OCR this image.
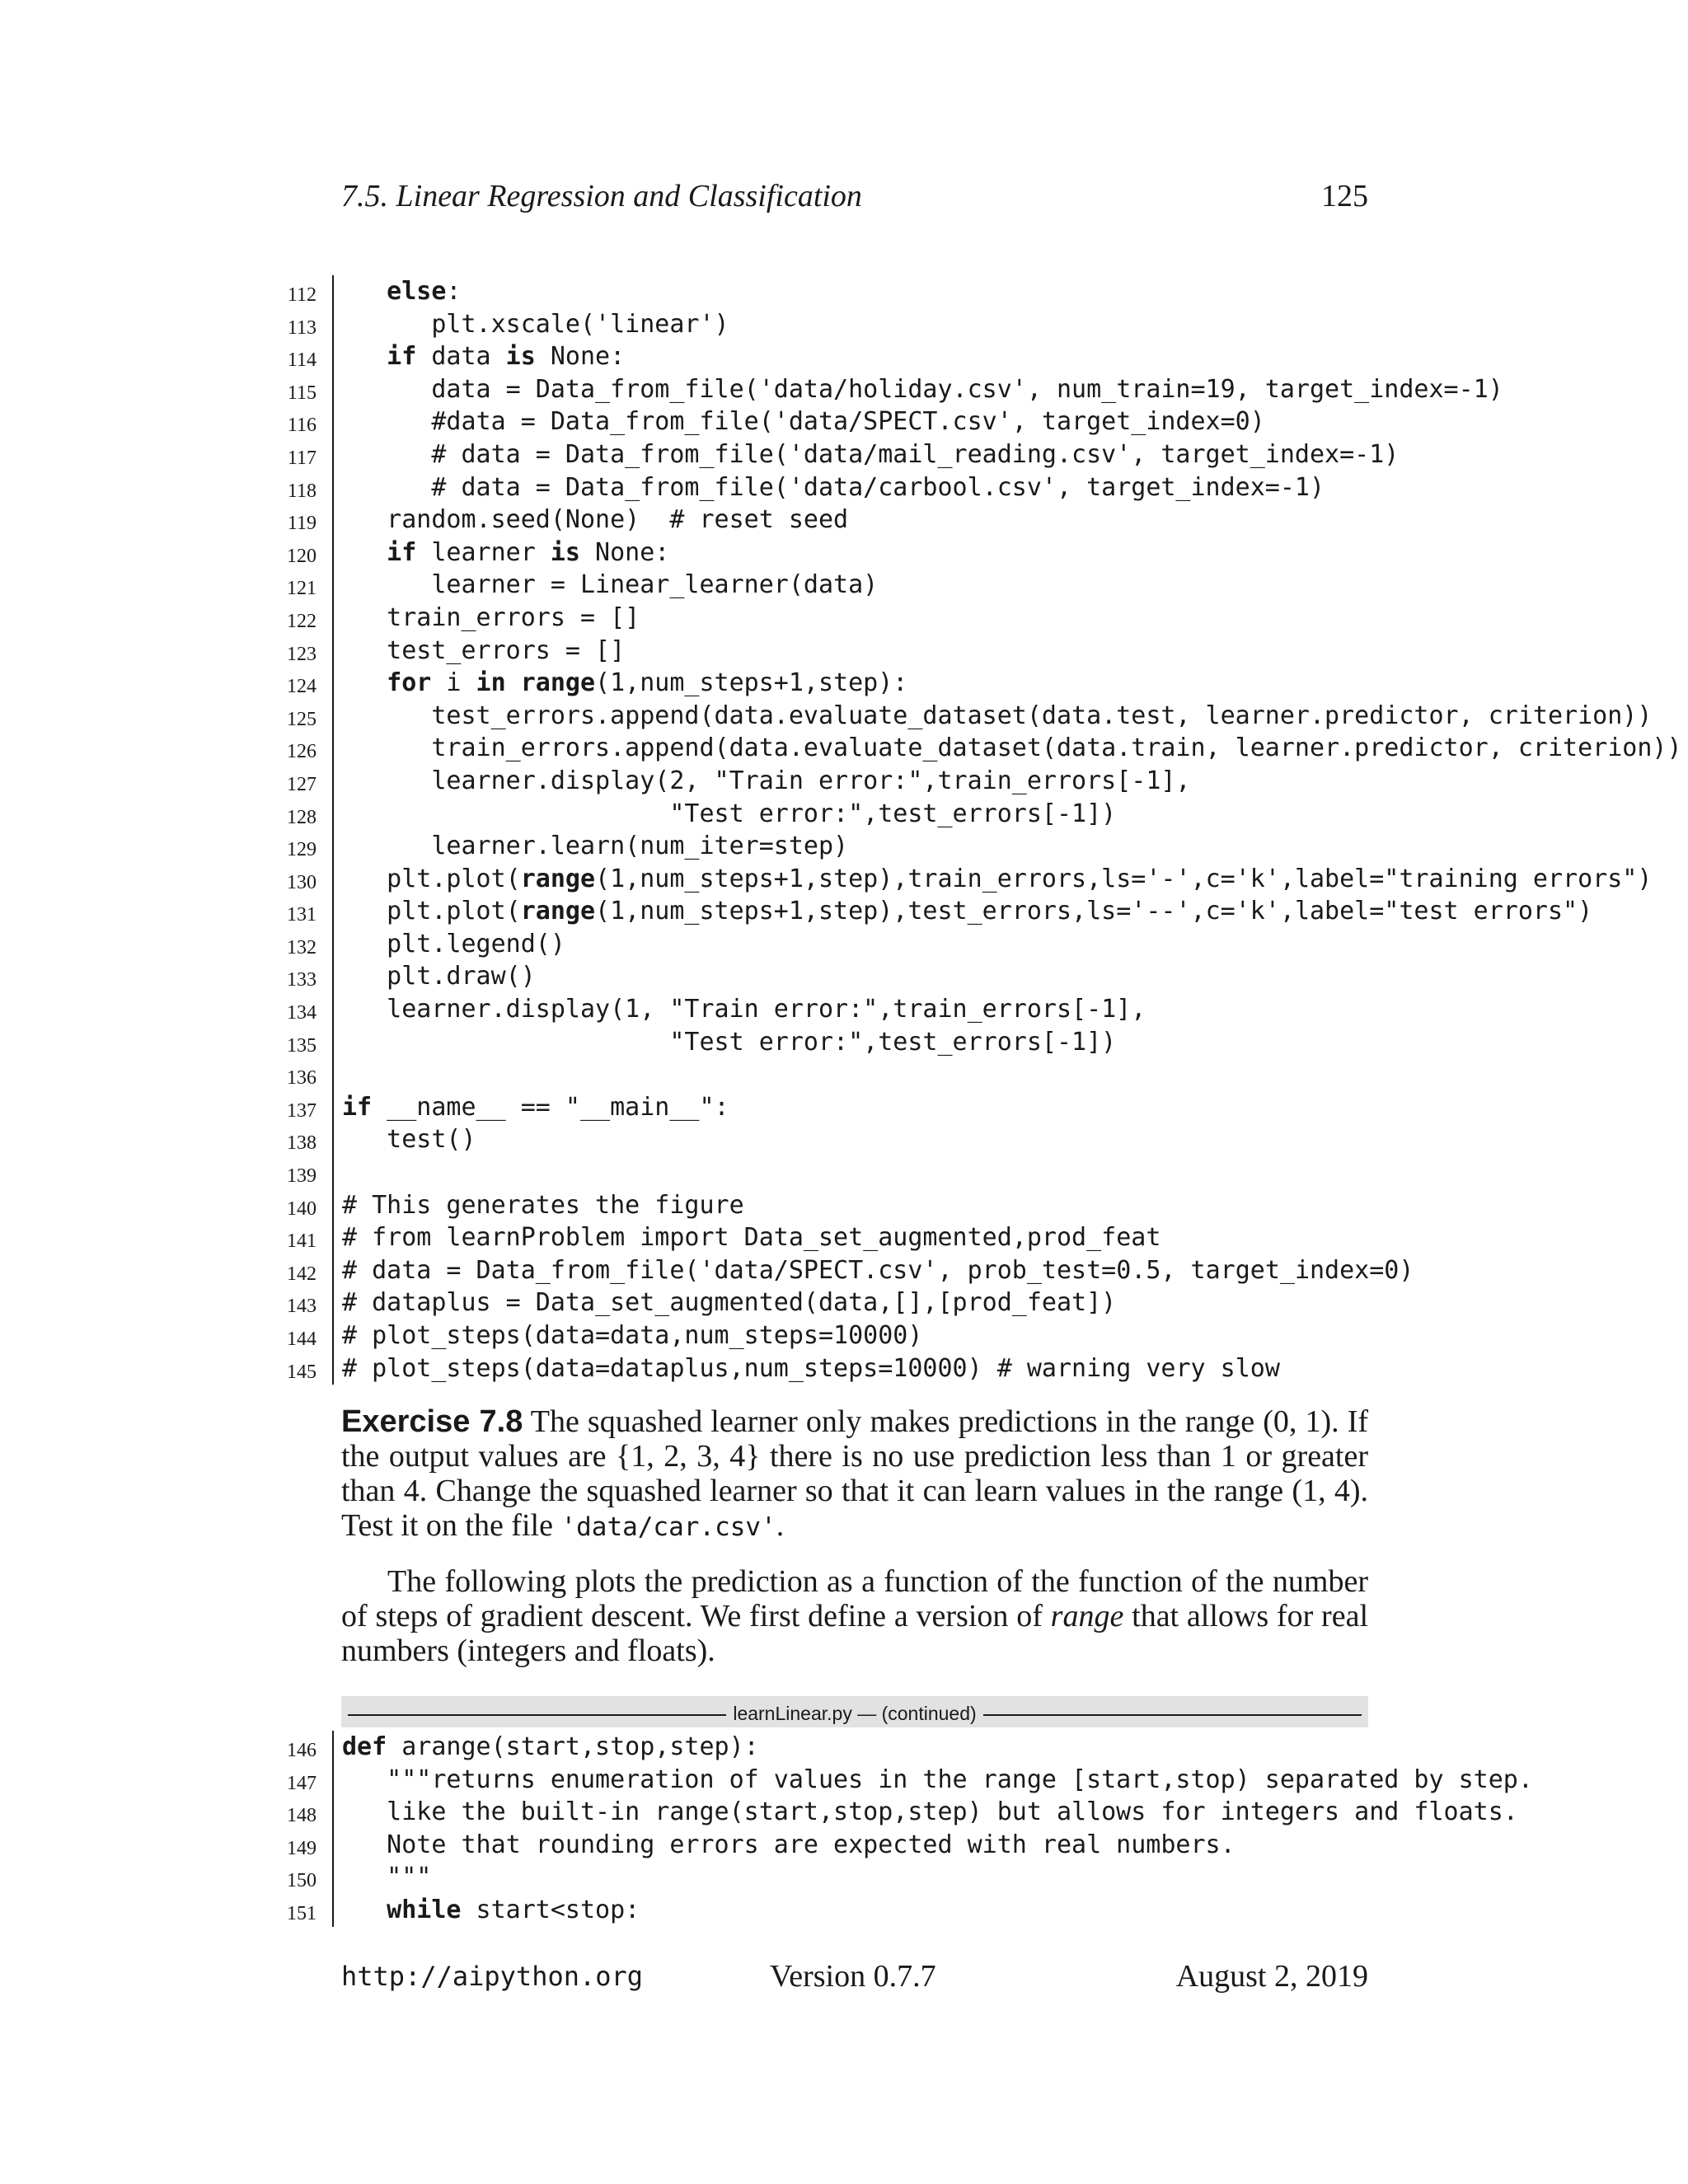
7.5. Linear Regression and Classification	125
112	else:
113	plt.xscale('linear')
114	if data is None:
115	data = Data_from_file('data/holiday.csv', num_train=19, target_index=-1)
116	#data = Data_from_file('data/SPECT.csv', target_index=0)
117	# data = Data_from_file('data/mail_reading.csv', target_index=-1)
118	# data = Data_from_file('data/carbool.csv', target_index=-1)
119	random.seed(None)  # reset seed
120	if learner is None:
121	learner = Linear_learner(data)
122	train_errors = []
123	test_errors = []
124	for i in range(1,num_steps+1,step):
125	test_errors.append(data.evaluate_dataset(data.test, learner.predictor, criterion))
126	train_errors.append(data.evaluate_dataset(data.train, learner.predictor, criterion))
127	learner.display(2, "Train error:",train_errors[-1],
128	"Test error:",test_errors[-1])
129	learner.learn(num_iter=step)
130	plt.plot(range(1,num_steps+1,step),train_errors,ls='-',c='k',label="training errors")
131	plt.plot(range(1,num_steps+1,step),test_errors,ls='--',c='k',label="test errors")
132	plt.legend()
133	plt.draw()
134	learner.display(1, "Train error:",train_errors[-1],
135	"Test error:",test_errors[-1])
136
137 if __name__ == "__main__":
138	test()
139
140 # This generates the figure
141 # from learnProblem import Data_set_augmented,prod_feat
142 # data = Data_from_file('data/SPECT.csv', prob_test=0.5, target_index=0)
143 # dataplus = Data_set_augmented(data,[],[prod_feat])
144 # plot_steps(data=data,num_steps=10000)
145 # plot_steps(data=dataplus,num_steps=10000) # warning very slow
Exercise 7.8 The squashed learner only makes predictions in the range (0, 1). If the output values are {1, 2, 3, 4} there is no use prediction less than 1 or greater than 4. Change the squashed learner so that it can learn values in the range (1, 4). Test it on the file 'data/car.csv'.
The following plots the prediction as a function of the function of the number of steps of gradient descent. We first define a version of range that allows for real numbers (integers and floats).
learnLinear.py — (continued)
146 def arange(start,stop,step):
147	"""returns enumeration of values in the range [start,stop) separated by step.
148	like the built-in range(start,stop,step) but allows for integers and floats.
149	Note that rounding errors are expected with real numbers.
150	"""
151	while start<stop:
http://aipython.org	Version 0.7.7	August 2, 2019
